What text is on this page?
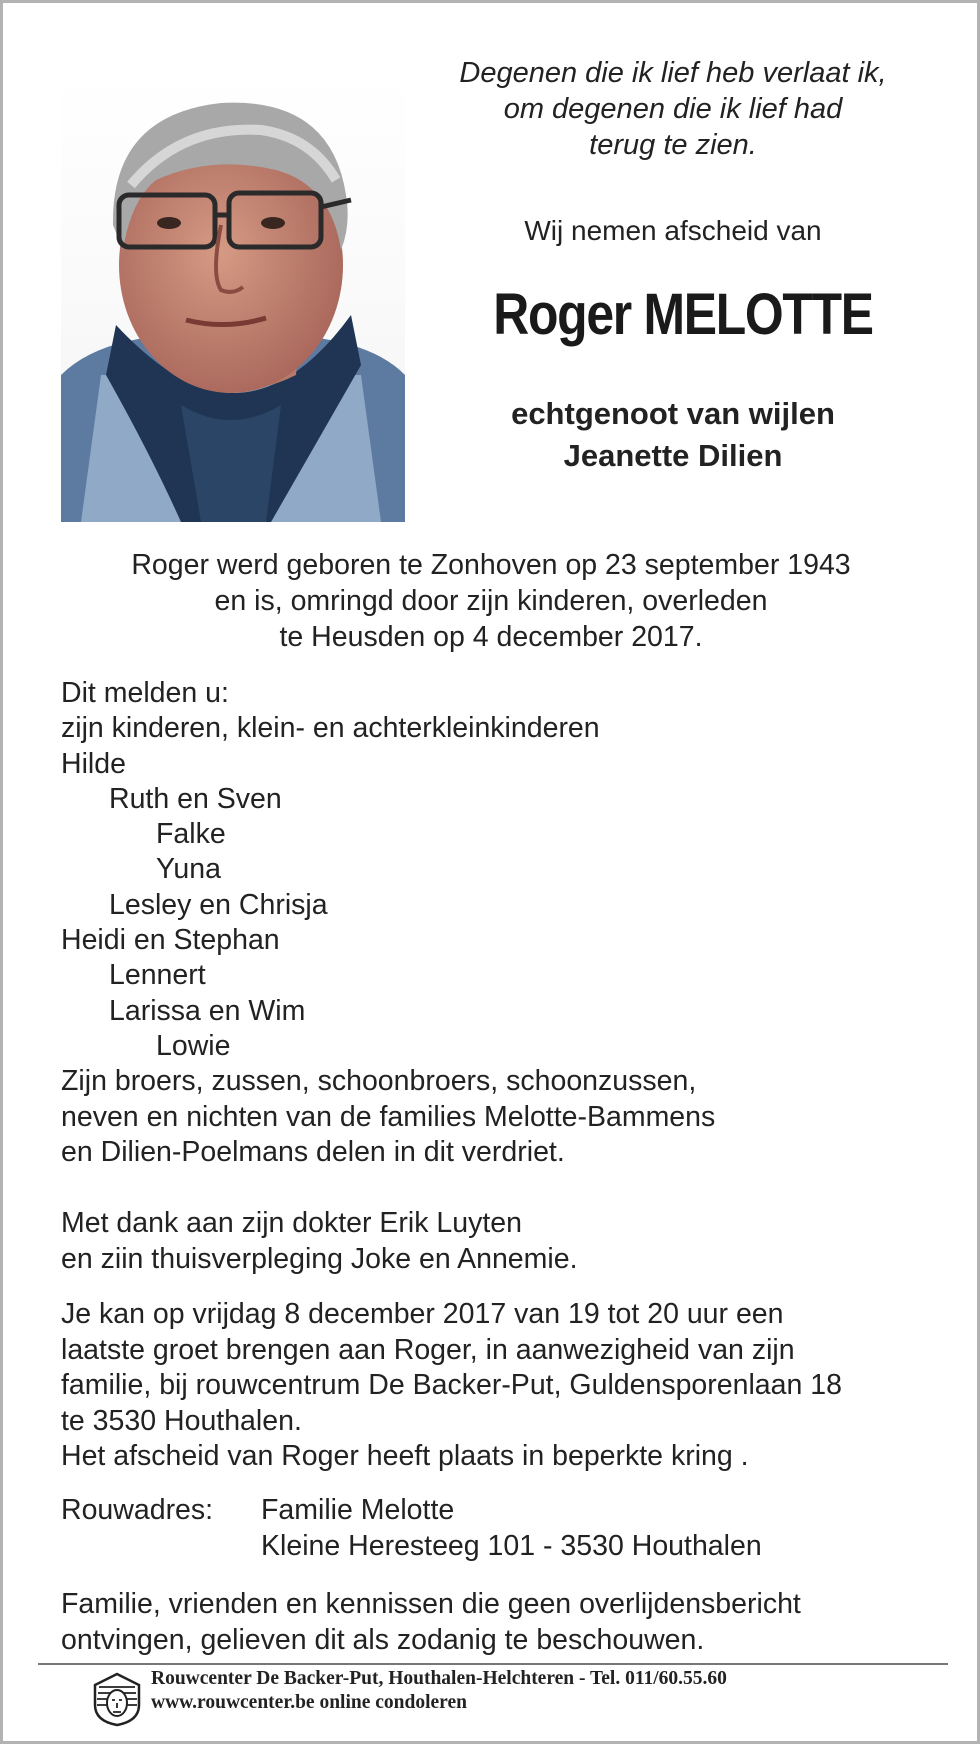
Degenen die ik lief heb verlaat ik,
om degenen die ik lief had
terug te zien.
Wij nemen afscheid van
Roger MELOTTE
echtgenoot van wijlen
Jeanette Dilien
Roger werd geboren te Zonhoven op 23 september 1943
en is, omringd door zijn kinderen, overleden
te Heusden op 4 december 2017.
Dit melden u:
zijn kinderen, klein- en achterkleinkinderen
Hilde
Ruth en Sven
Falke
Yuna
Lesley en Chrisja
Heidi en Stephan
Lennert
Larissa en Wim
Lowie
Zijn broers, zussen, schoonbroers, schoonzussen,
neven en nichten van de families Melotte-Bammens
en Dilien-Poelmans delen in dit verdriet.
Met dank aan zijn dokter Erik Luyten
en ziin thuisverpleging Joke en Annemie.
Je kan op vrijdag 8 december 2017 van 19 tot 20 uur een
laatste groet brengen aan Roger, in aanwezigheid van zijn
familie, bij rouwcentrum De Backer-Put, Guldensporenlaan 18
te 3530 Houthalen.
Het afscheid van Roger heeft plaats in beperkte kring .
Rouwadres: Familie Melotte
Kleine Heresteeg 101 - 3530 Houthalen
Familie, vrienden en kennissen die geen overlijdensbericht
ontvingen, gelieven dit als zodanig te beschouwen.
Rouwcenter De Backer-Put, Houthalen-Helchteren - Tel. 011/60.55.60
www.rouwcenter.be online condoleren
